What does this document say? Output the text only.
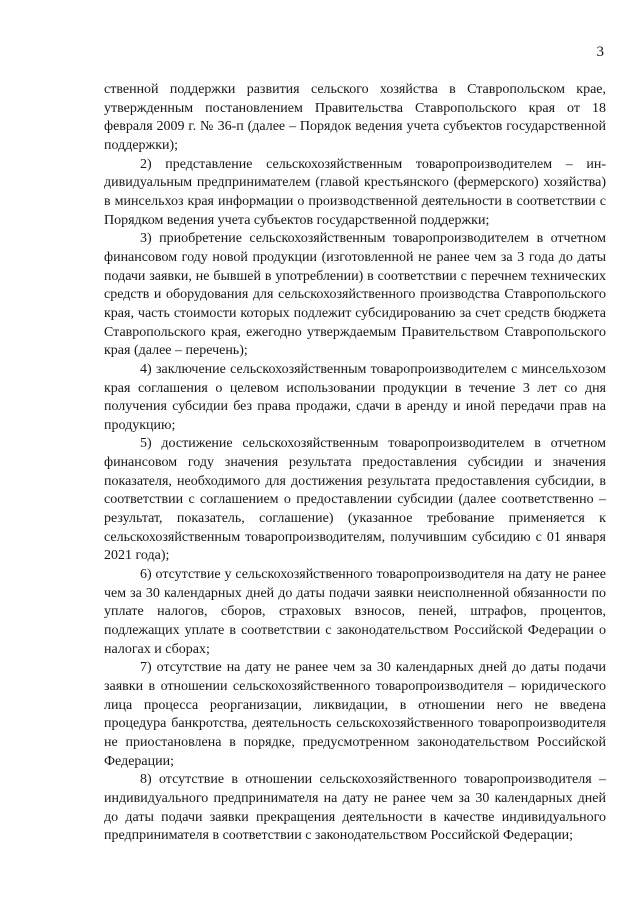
3

ственной поддержки развития сельского хозяйства в Ставропольском крае, утвержденным постановлением Правительства Ставропольского края от 18 февраля 2009 г. № 36-п (далее – Порядок ведения учета субъектов государственной поддержки);

2) представление сельскохозяйственным товаропроизводителем – индивидуальным предпринимателем (главой крестьянского (фермерского) хозяйства) в минсельхоз края информации о производственной деятельности в соответствии с Порядком ведения учета субъектов государственной поддержки;

3) приобретение сельскохозяйственным товаропроизводителем в отчетном финансовом году новой продукции (изготовленной не ранее чем за 3 года до даты подачи заявки, не бывшей в употреблении) в соответствии с перечнем технических средств и оборудования для сельскохозяйственного производства Ставропольского края, часть стоимости которых подлежит субсидированию за счет средств бюджета Ставропольского края, ежегодно утверждаемым Правительством Ставропольского края (далее – перечень);

4) заключение сельскохозяйственным товаропроизводителем с минсельхозом края соглашения о целевом использовании продукции в течение 3 лет со дня получения субсидии без права продажи, сдачи в аренду и иной передачи прав на продукцию;

5) достижение сельскохозяйственным товаропроизводителем в отчетном финансовом году значения результата предоставления субсидии и значения показателя, необходимого для достижения результата предоставления субсидии, в соответствии с соглашением о предоставлении субсидии (далее соответственно – результат, показатель, соглашение) (указанное требование применяется к сельскохозяйственным товаропроизводителям, получившим субсидию с 01 января 2021 года);

6) отсутствие у сельскохозяйственного товаропроизводителя на дату не ранее чем за 30 календарных дней до даты подачи заявки неисполненной обязанности по уплате налогов, сборов, страховых взносов, пеней, штрафов, процентов, подлежащих уплате в соответствии с законодательством Российской Федерации о налогах и сборах;

7) отсутствие на дату не ранее чем за 30 календарных дней до даты подачи заявки в отношении сельскохозяйственного товаропроизводителя – юридического лица процесса реорганизации, ликвидации, в отношении него не введена процедура банкротства, деятельность сельскохозяйственного товаропроизводителя не приостановлена в порядке, предусмотренном законодательством Российской Федерации;

8) отсутствие в отношении сельскохозяйственного товаропроизводителя – индивидуального предпринимателя на дату не ранее чем за 30 календарных дней до даты подачи заявки прекращения деятельности в качестве индивидуального предпринимателя в соответствии с законодательством Российской Федерации;
